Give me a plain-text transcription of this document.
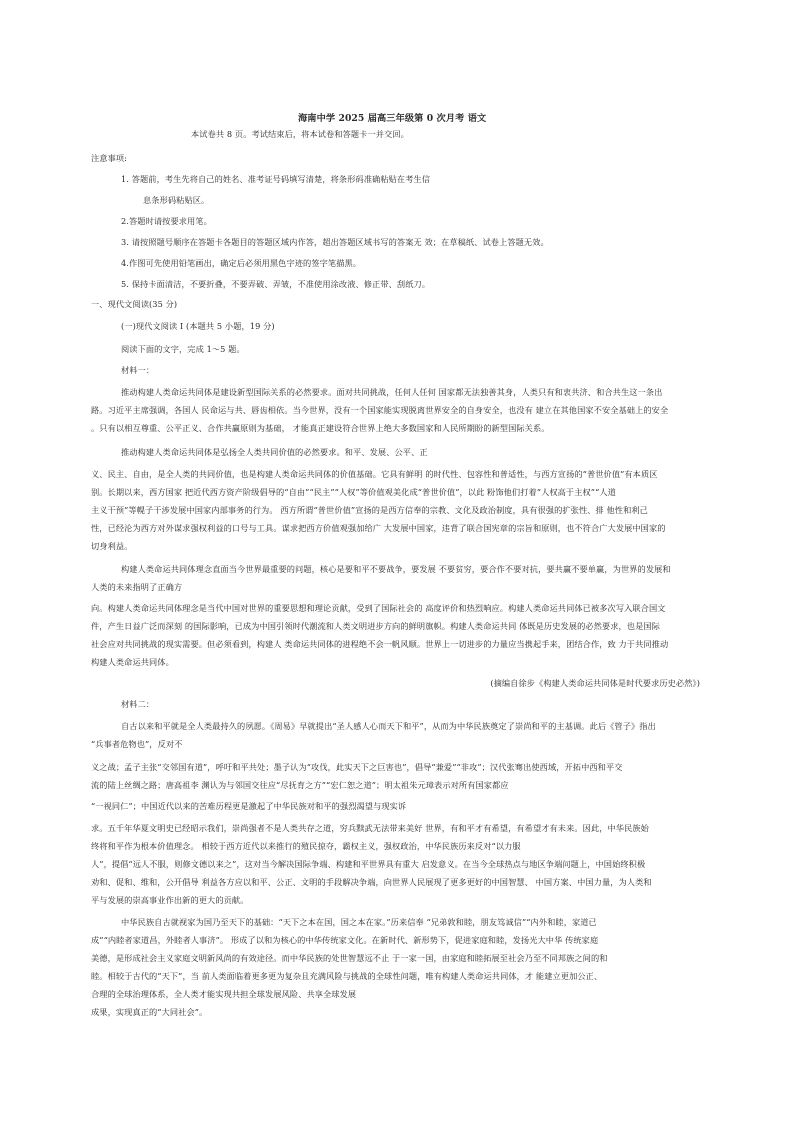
海南中学 2025 届高三年级第 0 次月考 语文
本试卷共 8 页。考试结束后，将本试卷和答题卡一并交回。
注意事项:
1. 答题前，考生先将自己的姓名、准考证号码填写清楚，将条形码准确粘贴在考生信
息条形码粘贴区。
2.答题时请按要求用笔。
3. 请按照题号顺序在答题卡各题目的答题区域内作答，超出答题区域书写的答案无 效；在草稿纸、试卷上答题无效。
4.作图可先使用铅笔画出，确定后必须用黑色字迹的签字笔描黑。
5. 保持卡面清洁，不要折叠，不要弄破、弄皱，不准使用涂改液、修正带、刮纸刀。
一、现代文阅读(35 分)
(一)现代文阅读 I (本题共 5 小题，19 分)
阅读下面的文字，完成 1～5 题。
材料一：
推动构建人类命运共同体是建设新型国际关系的必然要求。面对共同挑战，任何人任何 国家都无法独善其身，人类只有和衷共济、和合共生这一条出
路。习近平主席强调，各国人 民命运与共、唇齿相依。当今世界，没有一个国家能实现脱离世界安全的自身安全，也没有 建立在其他国家不安全基础上的安全
。只有以相互尊重、公平正义、合作共赢原则为基础， 才能真正建设符合世界上绝大多数国家和人民所期盼的新型国际关系。
推动构建人类命运共同体是弘扬全人类共同价值的必然要求。和平、发展、公平、正
义、民主、自由，是全人类的共同价值，也是构建人类命运共同体的价值基础。它具有鲜明 的时代性、包容性和普适性，与西方宣扬的“普世价值”有本质区
别。长期以来，西方国家 把近代西方资产阶级倡导的“自由”“民主”“人权”等价值观美化成“普世价值”，以此 粉饰他们打着“人权高于主权”“人道
主义干预”等幌子干涉发展中国家内部事务的行为。 西方所谓“普世价值”宣扬的是西方信奉的宗教、文化及政治制度，具有很强的扩张性、排 他性和利己
性，已经沦为西方对外谋求强权利益的口号与工具。谋求把西方价值观强加给广 大发展中国家，违背了联合国宪章的宗旨和原则，也不符合广大发展中国家的
切身利益。
构建人类命运共同体理念直面当今世界最重要的问题，核心是要和平不要战争，要发展 不要贫穷，要合作不要对抗，要共赢不要单赢，为世界的发展和
人类的未来指明了正确方
向。构建人类命运共同体理念是当代中国对世界的重要思想和理论贡献，受到了国际社会的 高度评价和热烈响应。构建人类命运共同体已被多次写入联合国文
件，产生日益广泛而深刻 的国际影响，已成为中国引领时代潮流和人类文明进步方向的鲜明旗帜。构建人类命运共同 体既是历史发展的必然要求，也是国际
社会应对共同挑战的现实需要。但必须看到，构建人 类命运共同体的进程绝不会一帆风顺。世界上一切进步的力量应当携起手来，团结合作，致 力于共同推动
构建人类命运共同体。
(摘编自徐步《构建人类命运共同体是时代要求历史必然》)
材料二：
自古以来和平就是全人类最持久的夙愿。《周易》早就提出“圣人感人心而天下和平”，从而为中华民族奠定了崇尚和平的主基调。此后《管子》指出
“兵事者危物也”，反对不
义之战；孟子主张“交邻国有道”，呼吁和平共处；墨子认为“攻伐，此实天下之巨害也”，倡导“兼爱”“非攻”；汉代张骞出使西域，开拓中西和平交
流的陆上丝绸之路；唐高祖李 渊认为与邻国交往应“尽抚育之方”“宏仁恕之道”；明太祖朱元璋表示对所有国家都应
“一视同仁”；中国近代以来的苦难历程更是激起了中华民族对和平的强烈渴望与现实诉
求。五千年华夏文明史已经昭示我们，崇尚强者不是人类共存之道，穷兵黩武无法带来美好 世界，有和平才有希望，有希望才有未来。因此，中华民族始
终将和平作为根本价值理念。 相较于西方近代以来推行的殖民掠夺，霸权主义，强权政治，中华民族历来反对“以力服
人”，提倡“远人不服，则修文德以来之”，这对当今解决国际争端、构建和平世界具有重大 启发意义。在当今全球热点与地区争端问题上，中国始终积极
劝和、促和、维和，公开倡导 利益各方应以和平、公正、文明的手段解决争端，向世界人民展现了更多更好的中国智慧、 中国方案、中国力量，为人类和
平与发展的崇高事业作出新的更大的贡献。
中华民族自古就视家为国乃至天下的基础：“天下之本在国，国之本在家。”历来信奉 “兄弟敦和睦，朋友笃诚信”“内外和睦，家道已
成”“内睦者家道昌，外睦者人事济”。 形成了以和为核心的中华传统家文化。在新时代、新形势下，促进家庭和睦，发扬光大中华 传统家庭
美德，是形成社会主义家庭文明新风尚的有效途径。而中华民族的处世智慧远不止 于一家一国，由家庭和睦拓展至社会乃至不同邦族之间的和
睦。相较于古代的“天下”，当 前人类面临着更多更为复杂且充满风险与挑战的全球性问题，唯有构建人类命运共同体，才 能建立更加公正、
合理的全球治理体系，全人类才能实现共担全球发展风险、共享全球发展
成果，实现真正的“大同社会”。
